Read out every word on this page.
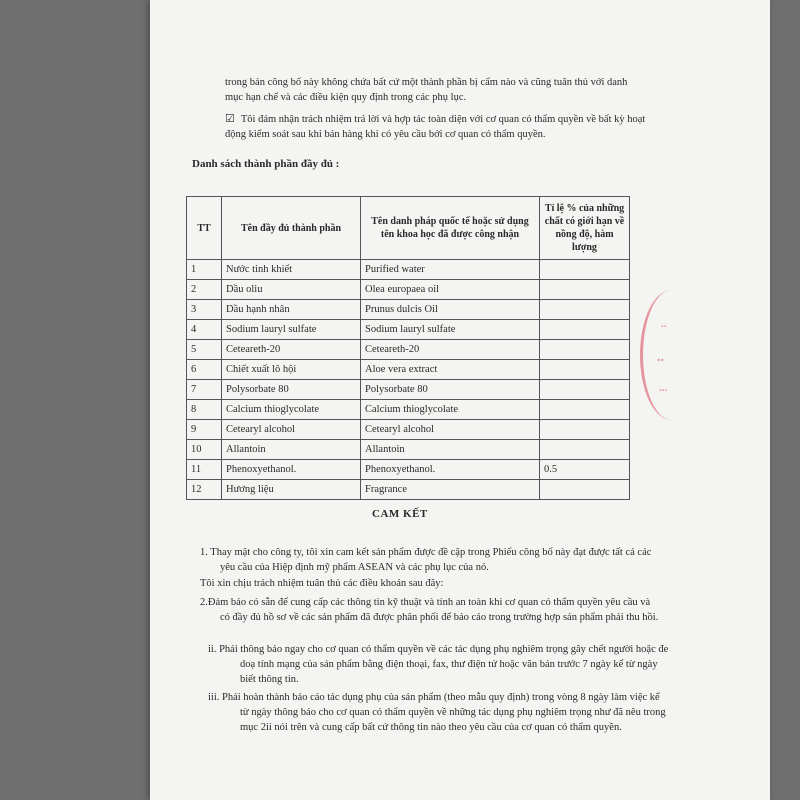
..
..
...

trong bản công bố này không chứa bất cứ một thành phần bị cấm nào và cũng tuân thủ với danh mục hạn chế và các điều kiện quy định trong các phụ lục.

☑ Tôi đảm nhận trách nhiệm trả lời và hợp tác toàn diện với cơ quan có thẩm quyền về bất kỳ hoạt động kiểm soát sau khi bán hàng khi có yêu cầu bởi cơ quan có thẩm quyền.
Danh sách thành phần đầy đủ :
TT	Tên đầy đủ thành phần	Tên danh pháp quốc tế hoặc sử dụng tên khoa học đã được công nhận	Tỉ lệ % của những chất có giới hạn về nồng độ, hàm lượng
1	Nước tinh khiết	Purified water	
2	Dầu oliu	Olea europaea oil	
3	Dầu hạnh nhân	Prunus dulcis Oil	
4	Sodium lauryl sulfate	Sodium lauryl sulfate	
5	Ceteareth-20	Ceteareth-20	
6	Chiết xuất lô hội	Aloe vera extract	
7	Polysorbate 80	Polysorbate 80	
8	Calcium thioglycolate	Calcium thioglycolate	
9	Cetearyl alcohol	Cetearyl alcohol	
10	Allantoin	Allantoin	
11	Phenoxyethanol.	Phenoxyethanol.	0.5
12	Hương liệu	Fragrance	
CAM KẾT

1. Thay mặt cho công ty, tôi xin cam kết sản phẩm được đề cập trong Phiếu công bố này đạt được tất cả các yêu cầu của Hiệp định mỹ phẩm ASEAN và các phụ lục của nó.

Tôi xin chịu trách nhiệm tuân thủ các điều khoản sau đây:

2.Đảm bảo có sẵn để cung cấp các thông tin kỹ thuật và tính an toàn khi cơ quan có thẩm quyền yêu cầu và có đầy đủ hồ sơ về các sản phẩm đã được phân phối để báo cáo trong trường hợp sản phẩm phải thu hồi.

ii. Phải thông báo ngay cho cơ quan có thẩm quyền về các tác dụng phụ nghiêm trọng gây chết người hoặc đe doạ tính mạng của sản phẩm bằng điện thoại, fax, thư điện tử hoặc văn bản trước 7 ngày kể từ ngày biết thông tin.

iii. Phải hoàn thành báo cáo tác dụng phụ của sản phẩm (theo mẫu quy định) trong vòng 8 ngày làm việc kể từ ngày thông báo cho cơ quan có thẩm quyền về những tác dụng phụ nghiêm trọng như đã nêu trong mục 2ii nói trên và cung cấp bất cứ thông tin nào theo yêu cầu của cơ quan có thẩm quyền.
